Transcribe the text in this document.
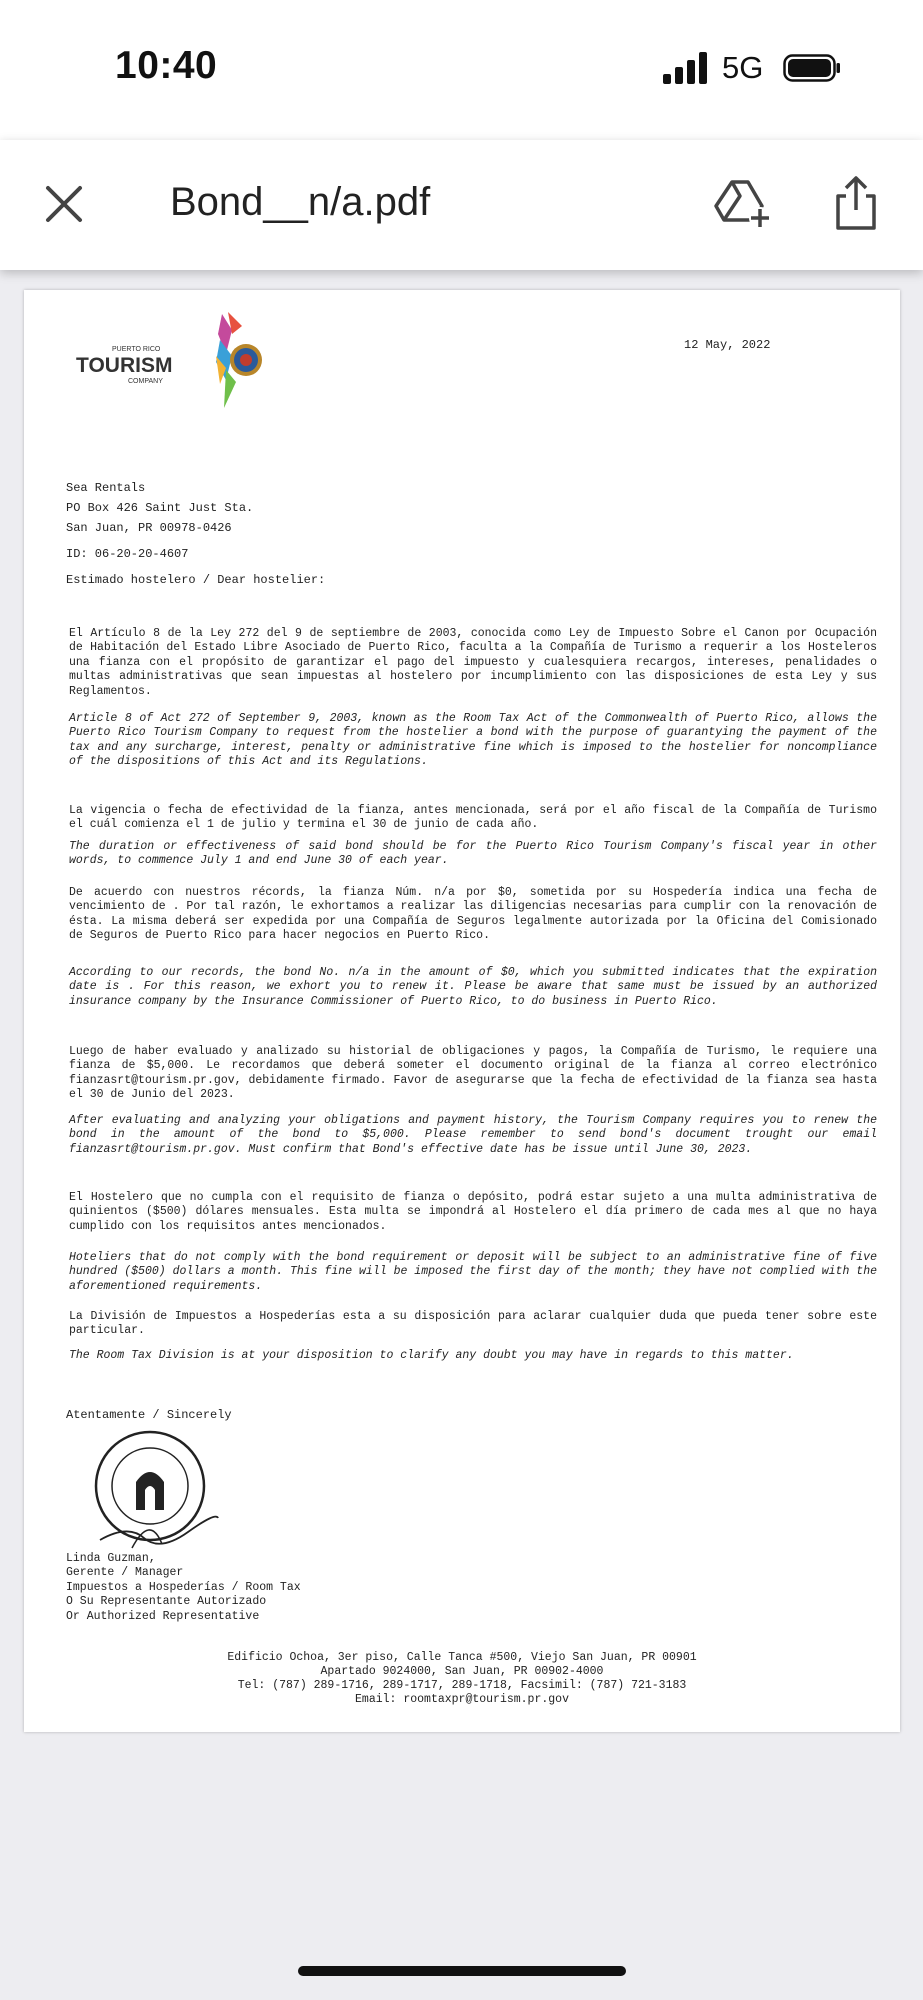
10:40	5G
Bond__n/a.pdf
PUERTO RICO
TOURISM
COMPANY
12 May, 2022
Sea Rentals
PO Box 426 Saint Just Sta.
San Juan, PR 00978-0426
ID: 06-20-20-4607
Estimado hostelero / Dear hostelier:
El Artículo 8 de la Ley 272 del 9 de septiembre de 2003, conocida como Ley de Impuesto Sobre el Canon por Ocupación de Habitación del Estado Libre Asociado de Puerto Rico, faculta a la Compañía de Turismo a requerir a los Hosteleros una fianza con el propósito de garantizar el pago del impuesto y cualesquiera recargos, intereses, penalidades o multas administrativas que sean impuestas al hostelero por incumplimiento con las disposiciones de esta Ley y sus Reglamentos.
Article 8 of Act 272 of September 9, 2003, known as the Room Tax Act of the Commonwealth of Puerto Rico, allows the Puerto Rico Tourism Company to request from the hostelier a bond with the purpose of guarantying the payment of the tax and any surcharge, interest, penalty or administrative fine which is imposed to the hostelier for noncompliance of the dispositions of this Act and its Regulations.
La vigencia o fecha de efectividad de la fianza, antes mencionada, será por el año fiscal de la Compañía de Turismo el cuál comienza el 1 de julio y termina el 30 de junio de cada año.
The duration or effectiveness of said bond should be for the Puerto Rico Tourism Company's fiscal year in other words, to commence July 1 and end June 30 of each year.
De acuerdo con nuestros récords, la fianza Núm. n/a por $0, sometida por su Hospedería indica una fecha de vencimiento de . Por tal razón, le exhortamos a realizar las diligencias necesarias para cumplir con la renovación de ésta. La misma deberá ser expedida por una Compañía de Seguros legalmente autorizada por la Oficina del Comisionado de Seguros de Puerto Rico para hacer negocios en Puerto Rico.
According to our records, the bond No. n/a in the amount of $0, which you submitted indicates that the expiration date is . For this reason, we exhort you to renew it. Please be aware that same must be issued by an authorized insurance company by the Insurance Commissioner of Puerto Rico, to do business in Puerto Rico.
Luego de haber evaluado y analizado su historial de obligaciones y pagos, la Compañía de Turismo, le requiere una fianza de $5,000. Le recordamos que deberá someter el documento original de la fianza al correo electrónico fianzasrt@tourism.pr.gov, debidamente firmado. Favor de asegurarse que la fecha de efectividad de la fianza sea hasta el 30 de Junio del 2023.
After evaluating and analyzing your obligations and payment history, the Tourism Company requires you to renew the bond in the amount of the bond to $5,000. Please remember to send bond's document trought our email fianzasrt@tourism.pr.gov. Must confirm that Bond's effective date has be issue until June 30, 2023.
El Hostelero que no cumpla con el requisito de fianza o depósito, podrá estar sujeto a una multa administrativa de quinientos ($500) dólares mensuales. Esta multa se impondrá al Hostelero el día primero de cada mes al que no haya cumplido con los requisitos antes mencionados.
Hoteliers that do not comply with the bond requirement or deposit will be subject to an administrative fine of five hundred ($500) dollars a month. This fine will be imposed the first day of the month; they have not complied with the aforementioned requirements.
La División de Impuestos a Hospederías esta a su disposición para aclarar cualquier duda que pueda tener sobre este particular.
The Room Tax Division is at your disposition to clarify any doubt you may have in regards to this matter.
Atentamente / Sincerely
Linda Guzman,
Gerente / Manager
Impuestos a Hospederías / Room Tax
O Su Representante Autorizado
Or Authorized Representative
Edificio Ochoa, 3er piso, Calle Tanca #500, Viejo San Juan, PR 00901
Apartado 9024000, San Juan, PR 00902-4000
Tel: (787) 289-1716, 289-1717, 289-1718, Facsimil: (787) 721-3183
Email: roomtaxpr@tourism.pr.gov
